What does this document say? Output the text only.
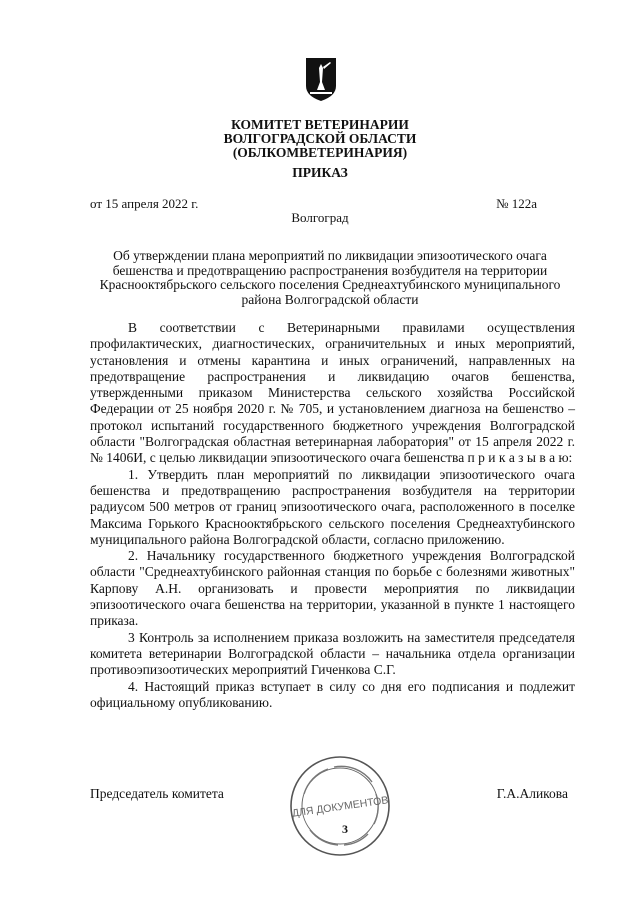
КОМИТЕТ ВЕТЕРИНАРИИ
ВОЛГОГРАДСКОЙ ОБЛАСТИ
(ОБЛКОМВЕТЕРИНАРИЯ)
ПРИКАЗ
от 15 апреля 2022 г.	№ 122а
Волгоград
Об утверждении плана мероприятий по ликвидации эпизоотического очага бешенства и предотвращению распространения возбудителя на территории Краснооктябрьского сельского поселения Среднеахтубинского муниципального района Волгоградской области

В соответствии с Ветеринарными правилами осуществления профилактических, диагностических, ограничительных и иных мероприятий, установления и отмены карантина и иных ограничений, направленных на предотвращение распространения и ликвидацию очагов бешенства, утвержденными приказом Министерства сельского хозяйства Российской Федерации от 25 ноября 2020 г. № 705, и установлением диагноза на бешенство – протокол испытаний государственного бюджетного учреждения Волгоградской области "Волгоградская областная ветеринарная лаборатория" от 15 апреля 2022 г. № 1406И, с целью ликвидации эпизоотического очага бешенства п р и к а з ы в а ю:

1. Утвердить план мероприятий по ликвидации эпизоотического очага бешенства и предотвращению распространения возбудителя на территории радиусом 500 метров от границ эпизоотического очага, расположенного в поселке Максима Горького Краснооктябрьского сельского поселения Среднеахтубинского муниципального района Волгоградской области, согласно приложению.

2. Начальнику государственного бюджетного учреждения Волгоградской области "Среднеахтубинского районная станция по борьбе с болезнями животных" Карпову А.Н. организовать и провести мероприятия по ликвидации эпизоотического очага бешенства на территории, указанной в пункте 1 настоящего приказа.

3 Контроль за исполнением приказа возложить на заместителя председателя комитета ветеринарии Волгоградской области – начальника отдела организации противоэпизоотических мероприятий Гиченкова С.Г.

4. Настоящий приказ вступает в силу со дня его подписания и подлежит официальному опубликованию.

Председатель комитета	Г.А.Аликова
ДЛЯ ДОКУМЕНТОВ
3
